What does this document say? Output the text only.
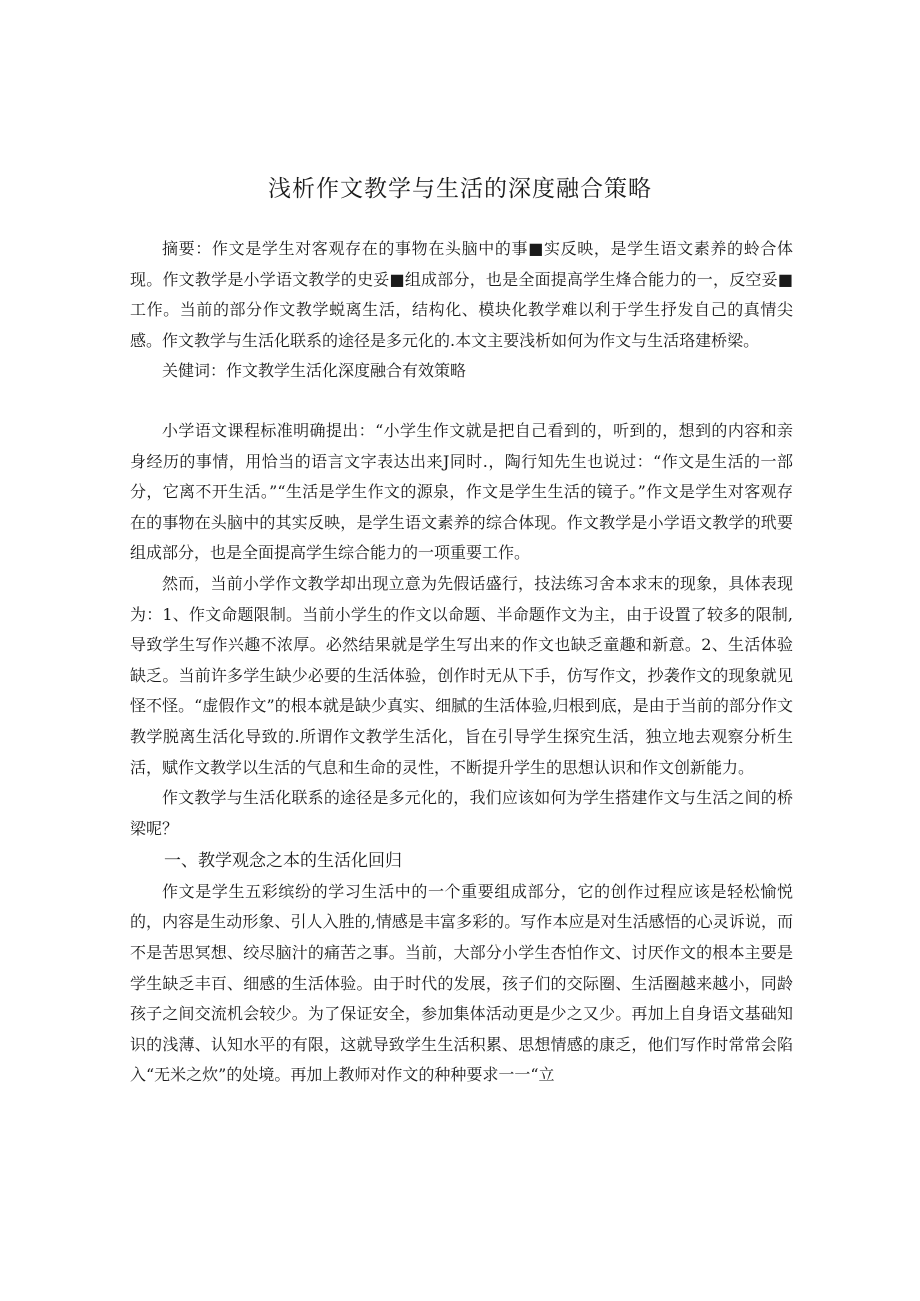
浅析作文教学与生活的深度融合策略

摘要：作文是学生对客观存在的事物在头脑中的事■实反映，是学生语文素养的蛉合体现。作文教学是小学语文教学的史妥■组成部分，也是全面提高学生烽合能力的一，反空妥■工作。当前的部分作文教学蜕离生活，结构化、模块化教学难以利于学生抒发自己的真情尖感。作文教学与生活化联系的途径是多元化的.本文主要浅析如何为作文与生活珞建桥梁。

关健词：作文教学生活化深度融合有效策略

小学语文课程标准明确提出：“小学生作文就是把自己看到的，听到的，想到的内容和亲身经历的事情，用恰当的语言文字表达出来J同时.，陶行知先生也说过：“作文是生活的一部分，它离不开生活。”“生活是学生作文的源泉，作文是学生生活的镜子。”作文是学生对客观存在的事物在头脑中的其实反映，是学生语文素养的综合体现。作文教学是小学语文教学的玳要组成部分，也是全面提高学生综合能力的一项重要工作。

然而，当前小学作文教学却出现立意为先假话盛行，技法练习舍本求末的现象，具体表现为：1、作文命题限制。当前小学生的作文以命题、半命题作文为主，由于设置了较多的限制,导致学生写作兴趣不浓厚。必然结果就是学生写出来的作文也缺乏童趣和新意。2、生活体验缺乏。当前许多学生缺少必要的生活体验，创作时无从下手，仿写作文，抄袭作文的现象就见怪不怪。“虚假作文”的根本就是缺少真实、细腻的生活体验,归根到底，是由于当前的部分作文教学脱离生活化导致的.所谓作文教学生活化，旨在引导学生探究生活，独立地去观察分析生活，赋作文教学以生活的气息和生命的灵性，不断提升学生的思想认识和作文创新能力。

作文教学与生活化联系的途径是多元化的，我们应该如何为学生搭建作文与生活之间的桥梁呢？

一、教学观念之本的生活化回归

作文是学生五彩缤纷的学习生活中的一个重要组成部分，它的创作过程应该是轻松愉悦的，内容是生动形象、引人入胜的,情感是丰富多彩的。写作本应是对生活感悟的心灵诉说，而不是苦思冥想、绞尽脑汁的痛苦之事。当前，大部分小学生杏怕作文、讨厌作文的根本主要是学生缺乏丰百、细感的生活体验。由于时代的发展，孩子们的交际圈、生活圈越来越小，同龄孩子之间交流机会较少。为了保证安全，参加集体活动更是少之又少。再加上自身语文基础知识的浅薄、认知水平的有限，这就导致学生生活积累、思想情感的康乏，他们写作时常常会陷入“无米之炊”的处境。再加上教师对作文的种种要求一一“立
